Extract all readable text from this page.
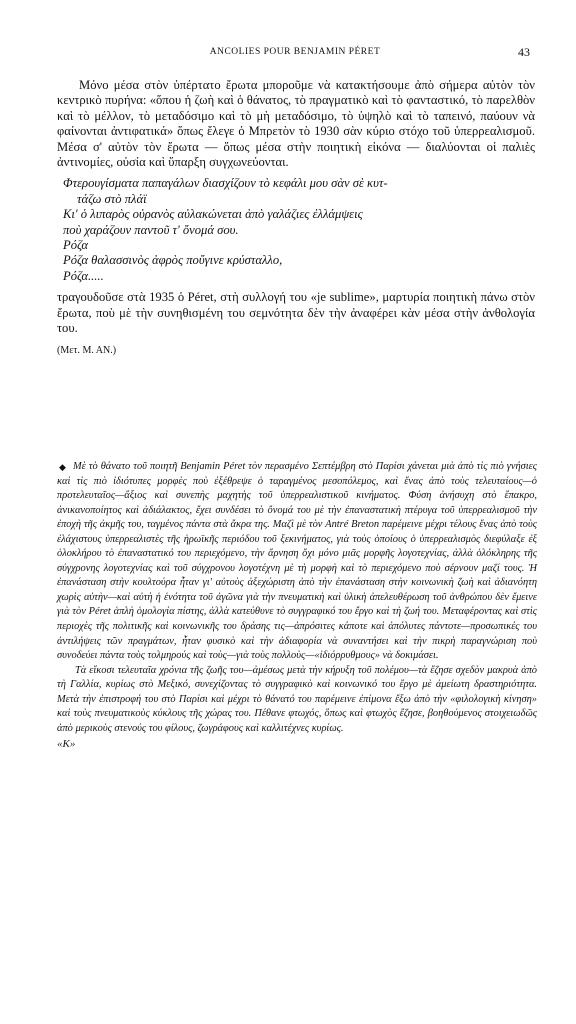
ANCOLIES POUR BENJAMIN PÉRET	43

Μόνο μέσα στὸν ὑπέρτατο ἔρωτα μποροῦμε νὰ κατακτήσουμε ἀπὸ σήμερα αὐτὸν τὸν κεντρικὸ πυρήνα: «ὅπου ἡ ζωὴ καὶ ὁ θάνατος, τὸ πραγματικὸ καὶ τὸ φανταστικό, τὸ παρελθὸν καὶ τὸ μέλλον, τὸ μεταδόσιμο καὶ τὸ μὴ μεταδόσιμο, τὸ ὑψηλὸ καὶ τὸ ταπεινό, παύουν νὰ φαίνονται ἀντιφατικά» ὅπως ἔλεγε ὁ Μπρετὸν τὸ 1930 σὰν κύριο στόχο τοῦ ὑπερρεαλισμοῦ. Μέσα σ' αὐτὸν τὸν ἔρωτα — ὅπως μέσα στὴν ποιητικὴ εἰκόνα — διαλύονται οἱ παλιὲς ἀντινομίες, οὐσία καὶ ὕπαρξη συγχωνεύονται.

Φτερουγίσματα παπαγάλων διασχίζουν τὸ κεφάλι μου σὰν σὲ κυτ-
τάζω στὸ πλάϊ
Κι' ὁ λιπαρὸς οὐρανὸς αὐλακώνεται ἀπὸ γαλάζιες ἐλλάμψεις
ποὺ χαράζουν παντοῦ τ' ὄνομά σου.
Ρόζα
Ρόζα θαλασσινὸς ἀφρὸς ποὔγινε κρύσταλλο,
Ρόζα.....

τραγουδοῦσε στὰ 1935 ὁ Péret, στὴ συλλογή του «je sublime», μαρτυρία ποιητικὴ πάνω στὸν ἔρωτα, ποὺ μὲ τὴν συνηθισμένη του σεμνότητα δὲν τὴν ἀναφέρει κὰν μέσα στὴν ἀνθολογία του.

(Μετ. Μ. ΑΝ.)

◆ Μὲ τὸ θάνατο τοῦ ποιητῆ Benjamin Péret τὸν περασμένο Σεπτέμβρη στὸ Παρίσι χάνεται μιὰ ἀπὸ τὶς πιὸ γνήσιες καὶ τὶς πιὸ ἰδιότυπες μορφὲς ποὺ ἐξέθρεψε ὁ ταραγμένος μεσοπόλεμος, καὶ ἕνας ἀπὸ τοὺς τελευταίους—ὁ προτελευταῖος—ἄξιος καὶ συνεπὴς μαχητὴς τοῦ ὑπερρεαλιστικοῦ κινήματος. Φύση ἀνήσυχη στὸ ἔπακρο, ἀνικανοποίητος καὶ ἀδιάλακτος, ἔχει συνδέσει τὸ ὄνομά του μὲ τὴν ἐπαναστατικὴ πτέρυγα τοῦ ὑπερρεαλισμοῦ τὴν ἐποχὴ τῆς ἀκμῆς του, ταγμένος πάντα στὰ ἄκρα της. Μαζὶ μὲ τὸν Antré Breton παρέμεινε μέχρι τέλους ἕνας ἀπὸ τοὺς ἐλάχιστους ὑπερρεαλιστὲς τῆς ἡρωϊκῆς περιόδου τοῦ ξεκινήματος, γιὰ τοὺς ὁποίους ὁ ὑπερρεαλισμὸς διεφύλαξε ἐξ ὁλοκλήρου τὸ ἐπαναστατικό του περιεχόμενο, τὴν ἄρνηση ὄχι μόνο μιᾶς μορφῆς λογοτεχνίας, ἀλλὰ ὁλόκληρης τῆς σύγχρονης λογοτεχνίας καὶ τοῦ σύγχρονου λογοτέχνη μὲ τὴ μορφὴ καὶ τὸ περιεχόμενο ποὺ σέρνουν μαζί τους. Ἡ ἐπανάσταση στὴν κουλτούρα ἦταν γι' αὐτοὺς ἀξεχώριστη ἀπὸ τὴν ἐπανάσταση στὴν κοινωνικὴ ζωὴ καὶ ἀδιανόητη χωρὶς αὐτὴν—καὶ αὐτὴ ἡ ἑνότητα τοῦ ἀγῶνα γιὰ τὴν πνευματικὴ καὶ ὑλικὴ ἀπελευθέρωση τοῦ ἀνθρώπου δὲν ἔμεινε γιὰ τὸν Péret ἁπλὴ ὁμολογία πίστης, ἀλλὰ κατεύθυνε τὸ συγγραφικό του ἔργο καὶ τὴ ζωή του. Μεταφέροντας καὶ στὶς περιοχὲς τῆς πολιτικῆς καὶ κοινωνικῆς του δράσης τις—ἀπρόσιτες κάποτε καὶ ἀπόλυτες πάντοτε—προσωπικές του ἀντιλήψεις τῶν πραγμάτων, ἦταν φυσικὸ καὶ τὴν ἀδιαφορία νὰ συναντήσει καὶ τὴν πικρὴ παραγνώριση ποὺ συνοδεύει πάντα τοὺς τολμηρούς καὶ τοὺς—γιὰ τοὺς πολλοὺς—«ἰδιόρρυθμους» νὰ δοκιμάσει.

Τὰ εἴκοσι τελευταῖα χρόνια τῆς ζωῆς του—ἀμέσως μετὰ τὴν κήρυξη τοῦ πολέμου—τὰ ἔζησε σχεδὸν μακρυὰ ἀπὸ τὴ Γαλλία, κυρίως στὸ Μεξικό, συνεχίζοντας τὸ συγγραφικὸ καὶ κοινωνικό του ἔργο μὲ ἀμείωτη δραστηριότητα. Μετὰ τὴν ἐπιστροφή του στὸ Παρίσι καὶ μέχρι τὸ θάνατό του παρέμεινε ἐπίμονα ἔξω ἀπὸ τὴν «φιλολογικὴ κίνηση» καὶ τοὺς πνευματικοὺς κύκλους τῆς χώρας του. Πέθανε φτωχός, ὅπως καὶ φτωχὸς ἔζησε, βοηθούμενος στοιχειωδῶς ἀπὸ μερικοὺς στενούς του φίλους, ζωγράφους καὶ καλλιτέχνες κυρίως.

«Κ»
